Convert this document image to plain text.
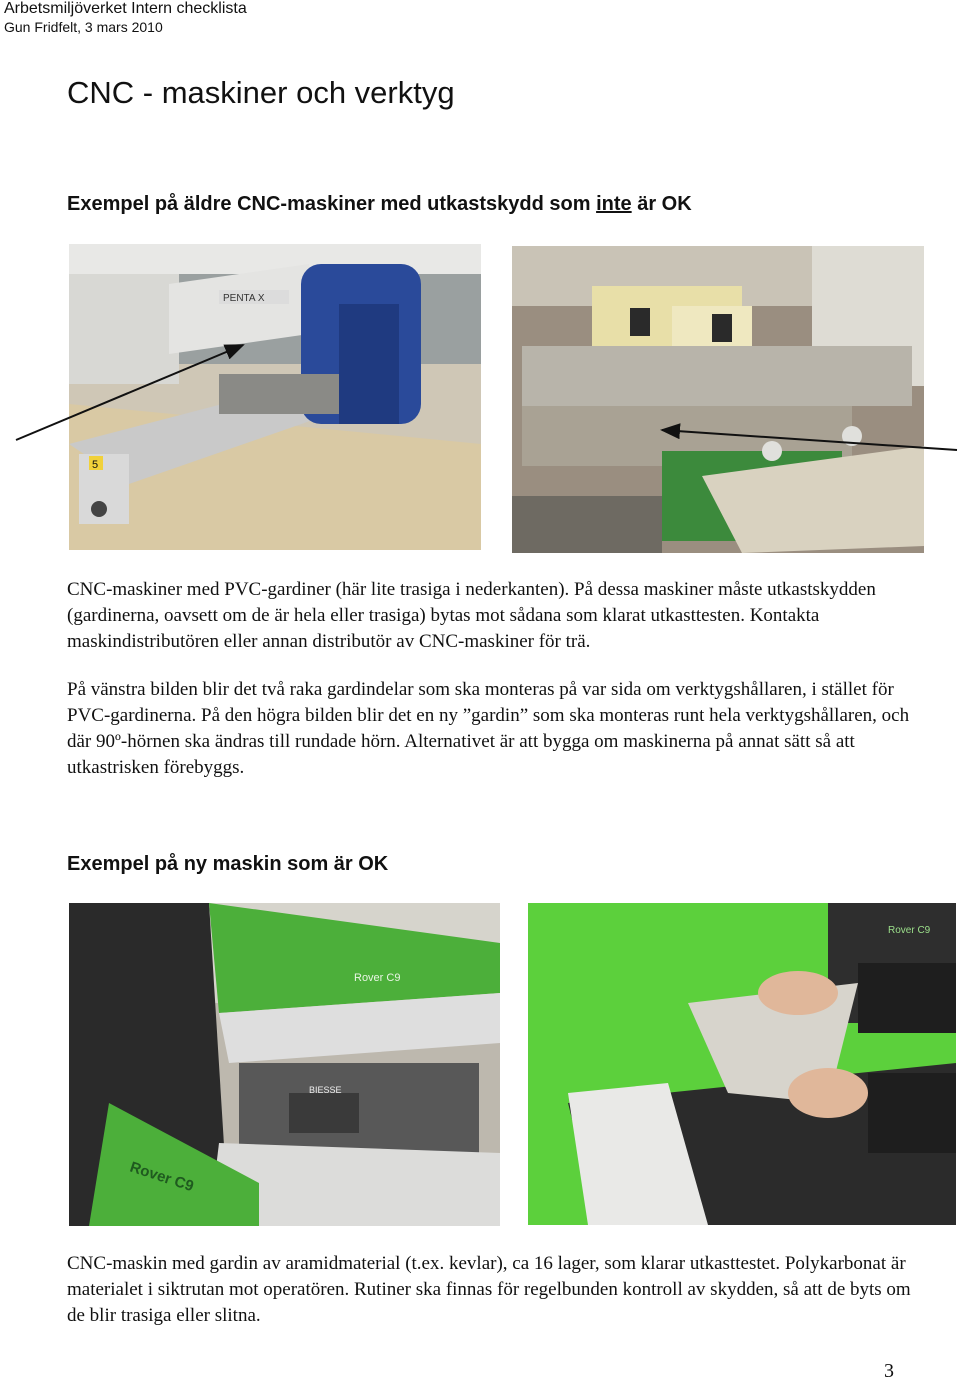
Arbetsmiljöverket Intern checklista
Gun Fridfelt, 3 mars 2010
CNC - maskiner och verktyg
Exempel på äldre CNC-maskiner med utkastskydd som inte är OK
PENTA X
5
CNC-maskiner med PVC-gardiner (här lite trasiga i nederkanten). På dessa maskiner måste utkastskydden (gardinerna, oavsett om de är hela eller trasiga) bytas mot sådana som klarat utkasttesten. Kontakta maskindistributören eller annan distributör av CNC-maskiner för trä.
På vänstra bilden blir det två raka gardindelar som ska monteras på var sida om verktygshållaren, i stället för PVC-gardinerna. På den högra bilden blir det en ny ”gardin” som ska monteras runt hela verktygshållaren, och där 90º-hörnen ska ändras till rundade hörn. Alternativet är att bygga om maskinerna på annat sätt så att utkastrisken förebyggs.
Exempel på ny maskin som är OK
Rover C9
BIESSE
Rover C9
Rover C9
CNC-maskin med gardin av aramidmaterial (t.ex. kevlar), ca 16 lager, som klarar utkasttestet. Polykarbonat är materialet i siktrutan mot operatören. Rutiner ska finnas för regelbunden kontroll av skydden, så att de byts om de blir trasiga eller slitna.
3
